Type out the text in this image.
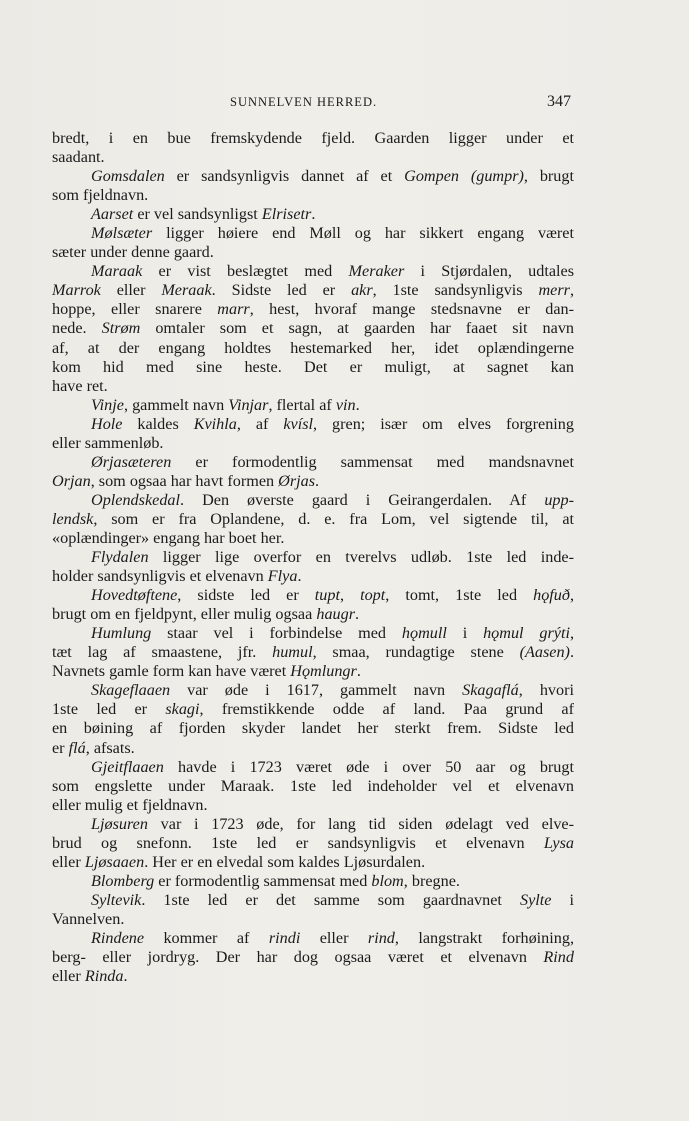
SUNNELVEN HERRED.	347
bredt, i en bue fremskydende fjeld. Gaarden ligger under et
saadant.
Gomsdalen er sandsynligvis dannet af et Gompen (gumpr), brugt
som fjeldnavn.
Aarset er vel sandsynligst Elrisetr.
Mølsæter ligger høiere end Møll og har sikkert engang været
sæter under denne gaard.
Maraak er vist beslægtet med Meraker i Stjørdalen, udtales
Marrok eller Meraak. Sidste led er akr, 1ste sandsynligvis merr,
hoppe, eller snarere marr, hest, hvoraf mange stedsnavne er dan-
nede. Strøm omtaler som et sagn, at gaarden har faaet sit navn
af, at der engang holdtes hestemarked her, idet oplændingerne
kom hid med sine heste. Det er muligt, at sagnet kan
have ret.
Vinje, gammelt navn Vinjar, flertal af vin.
Hole kaldes Kvihla, af kvísl, gren; især om elves forgrening
eller sammenløb.
Ørjasæteren er formodentlig sammensat med mandsnavnet
Orjan, som ogsaa har havt formen Ørjas.
Oplendskedal. Den øverste gaard i Geirangerdalen. Af upp-
lendsk, som er fra Oplandene, d. e. fra Lom, vel sigtende til, at
«oplændinger» engang har boet her.
Flydalen ligger lige overfor en tverelvs udløb. 1ste led inde-
holder sandsynligvis et elvenavn Flya.
Hovedtøftene, sidste led er tupt, topt, tomt, 1ste led hǫfuð,
brugt om en fjeldpynt, eller mulig ogsaa haugr.
Humlung staar vel i forbindelse med hǫmull i hǫmul grýti,
tæt lag af smaastene, jfr. humul, smaa, rundagtige stene (Aasen).
Navnets gamle form kan have været Hǫmlungr.
Skageflaaen var øde i 1617, gammelt navn Skagaflá, hvori
1ste led er skagi, fremstikkende odde af land. Paa grund af
en bøining af fjorden skyder landet her sterkt frem. Sidste led
er flá, afsats.
Gjeitflaaen havde i 1723 været øde i over 50 aar og brugt
som engslette under Maraak. 1ste led indeholder vel et elvenavn
eller mulig et fjeldnavn.
Ljøsuren var i 1723 øde, for lang tid siden ødelagt ved elve-
brud og snefonn. 1ste led er sandsynligvis et elvenavn Lysa
eller Ljøsaaen. Her er en elvedal som kaldes Ljøsurdalen.
Blomberg er formodentlig sammensat med blom, bregne.
Syltevik. 1ste led er det samme som gaardnavnet Sylte i
Vannelven.
Rindene kommer af rindi eller rind, langstrakt forhøining,
berg- eller jordryg. Der har dog ogsaa været et elvenavn Rind
eller Rinda.
